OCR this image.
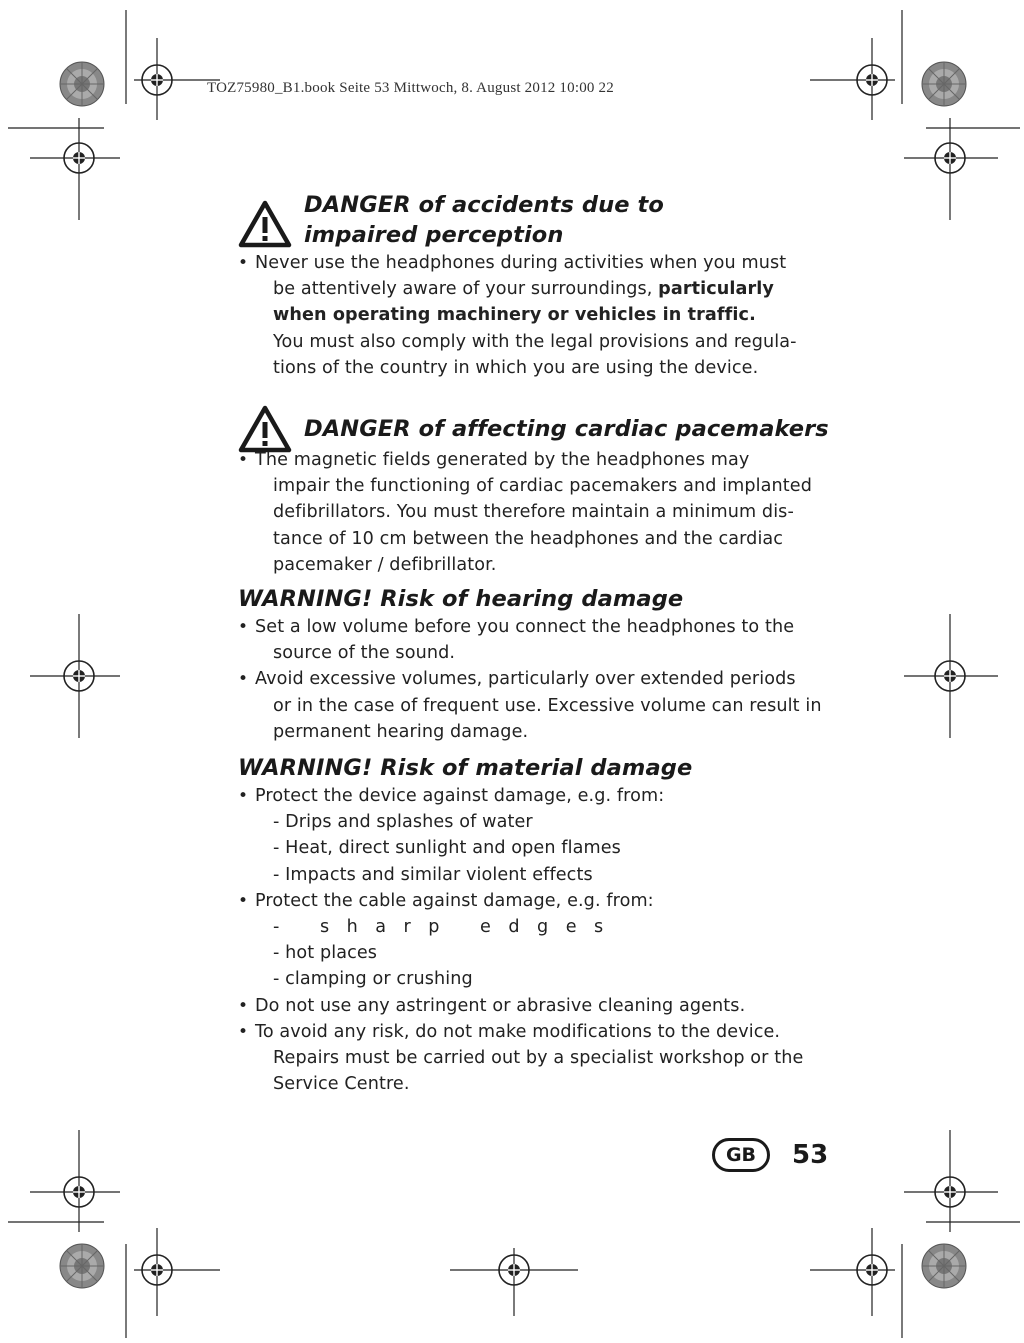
TOZ75980_B1.book Seite 53 Mittwoch, 8. August 2012 10:00 22

DANGER of accidents due to

impaired perception

• Never use the headphones during activities when you must
be attentively aware of your surroundings, particularly
when operating machinery or vehicles in traffic.
You must also comply with the legal provisions and regula-
tions of the country in which you are using the device.

DANGER of affecting cardiac pacemakers

• The magnetic fields generated by the headphones may
impair the functioning of cardiac pacemakers and implanted
defibrillators. You must therefore maintain a minimum dis-
tance of 10 cm between the headphones and the cardiac
pacemaker / defibrillator.

WARNING! Risk of hearing damage

• Set a low volume before you connect the headphones to the
source of the sound.
• Avoid excessive volumes, particularly over extended periods
or in the case of frequent use. Excessive volume can result in
permanent hearing damage.

WARNING! Risk of material damage

• Protect the device against damage, e.g. from:
- Drips and splashes of water
- Heat, direct sunlight and open flames
- Impacts and similar violent effects
• Protect the cable against damage, e.g. from:
- sharp edges
- hot places
- clamping or crushing
• Do not use any astringent or abrasive cleaning agents.
• To avoid any risk, do not make modifications to the device.
Repairs must be carried out by a specialist workshop or the
Service Centre.
GB	53
